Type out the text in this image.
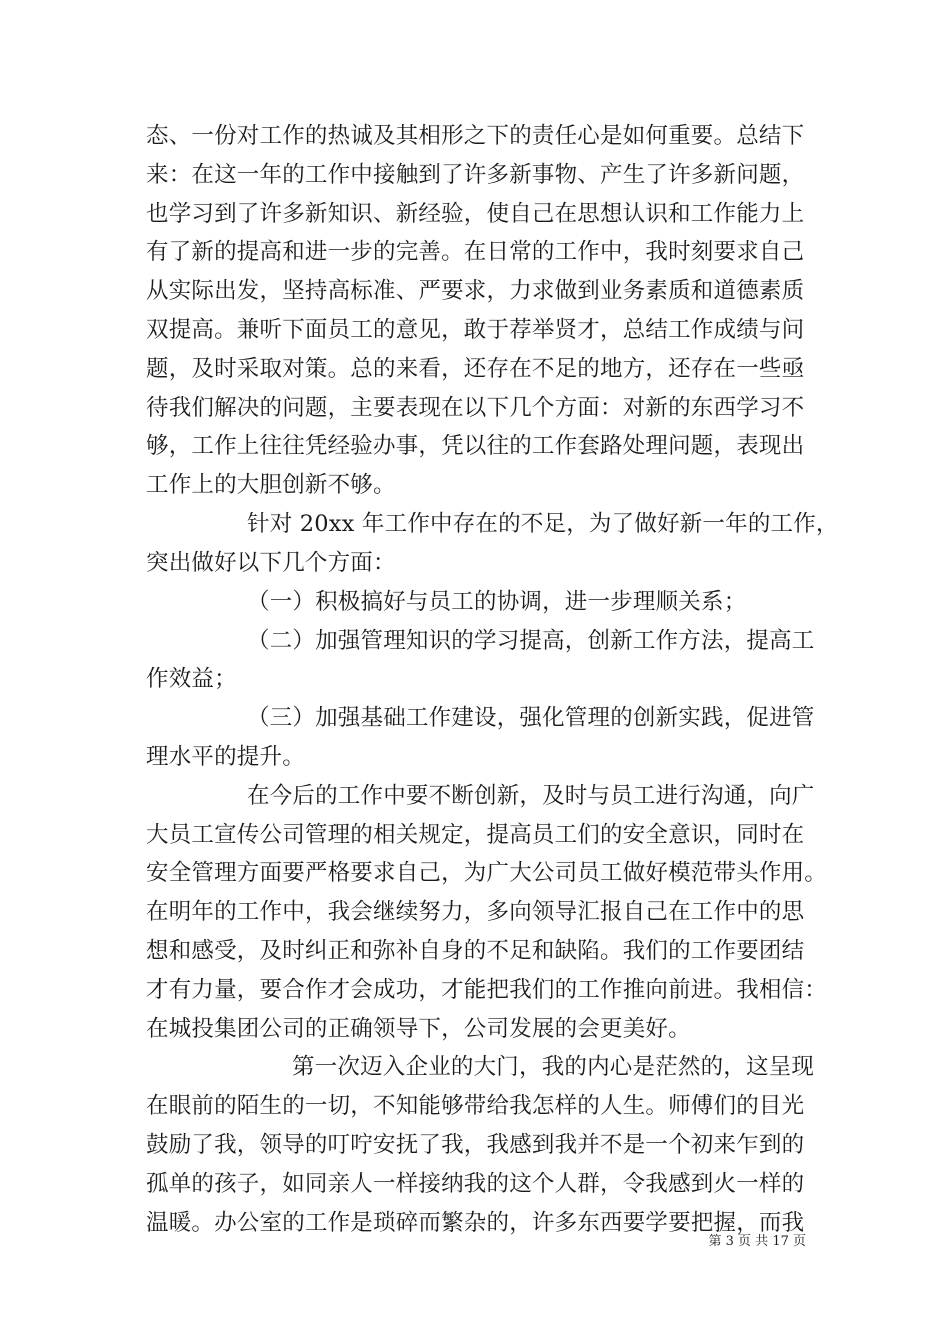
态、一份对工作的热诚及其相形之下的责任心是如何重要。总结下
来：在这一年的工作中接触到了许多新事物、产生了许多新问题，
也学习到了许多新知识、新经验，使自己在思想认识和工作能力上
有了新的提高和进一步的完善。在日常的工作中，我时刻要求自己
从实际出发，坚持高标准、严要求，力求做到业务素质和道德素质
双提高。兼听下面员工的意见，敢于荐举贤才，总结工作成绩与问
题，及时采取对策。总的来看，还存在不足的地方，还存在一些亟
待我们解决的问题，主要表现在以下几个方面：对新的东西学习不
够，工作上往往凭经验办事，凭以往的工作套路处理问题，表现出
工作上的大胆创新不够。
针对 20xx 年工作中存在的不足，为了做好新一年的工作，
突出做好以下几个方面：
（一）积极搞好与员工的协调，进一步理顺关系；
（二）加强管理知识的学习提高，创新工作方法，提高工
作效益；
（三）加强基础工作建设，强化管理的创新实践，促进管
理水平的提升。
在今后的工作中要不断创新，及时与员工进行沟通，向广
大员工宣传公司管理的相关规定，提高员工们的安全意识，同时在
安全管理方面要严格要求自己，为广大公司员工做好模范带头作用。
在明年的工作中，我会继续努力，多向领导汇报自己在工作中的思
想和感受，及时纠正和弥补自身的不足和缺陷。我们的工作要团结
才有力量，要合作才会成功，才能把我们的工作推向前进。我相信：
在城投集团公司的正确领导下，公司发展的会更美好。
第一次迈入企业的大门，我的内心是茫然的，这呈现
在眼前的陌生的一切，不知能够带给我怎样的人生。师傅们的目光
鼓励了我，领导的叮咛安抚了我，我感到我并不是一个初来乍到的
孤单的孩子，如同亲人一样接纳我的这个人群，令我感到火一样的
温暖。办公室的工作是琐碎而繁杂的，许多东西要学要把握，而我
第 3 页 共 17 页
